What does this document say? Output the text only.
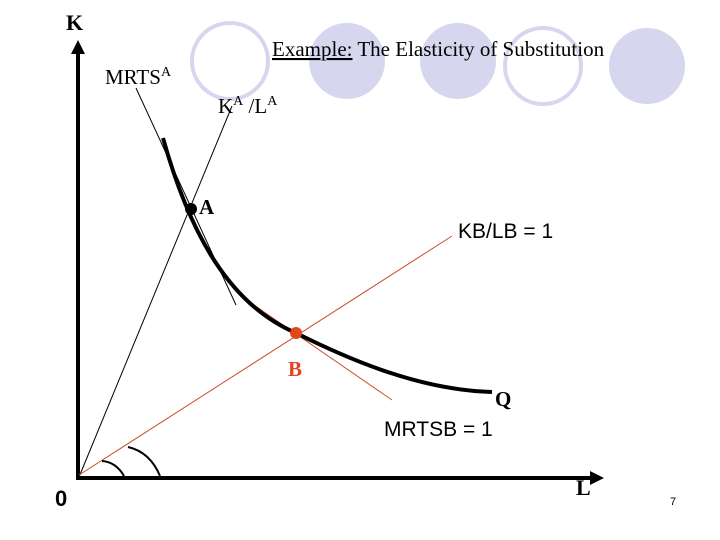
K
L
0
Example: The Elasticity of Substitution
$MRTS^A$
$K^A$ $/L^A$
A
B
KB/LB = 1
Q
MRTSB = 1
7
